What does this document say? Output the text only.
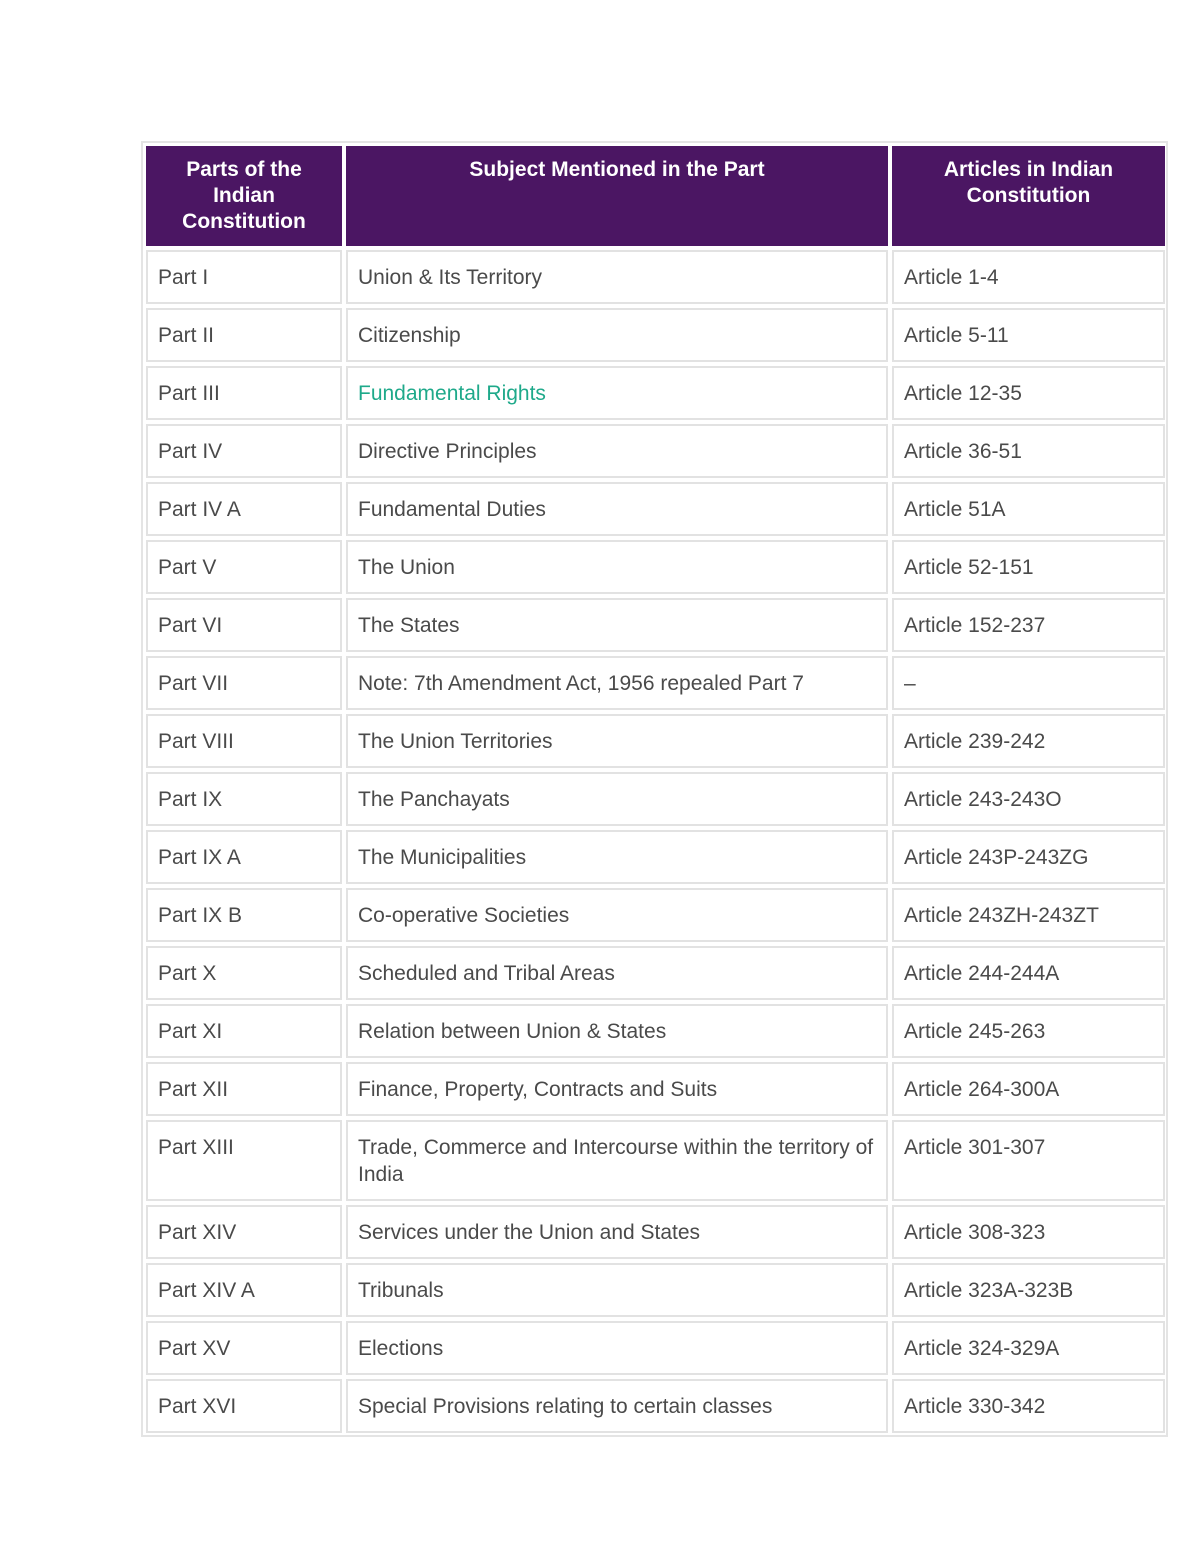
Parts of the Indian Constitution	Subject Mentioned in the Part	Articles in Indian Constitution
Part I	Union & Its Territory	Article 1-4
Part II	Citizenship	Article 5-11
Part III	Fundamental Rights	Article 12-35
Part IV	Directive Principles	Article 36-51
Part IV A	Fundamental Duties	Article 51A
Part V	The Union	Article 52-151
Part VI	The States	Article 152-237
Part VII	Note: 7th Amendment Act, 1956 repealed Part 7	–
Part VIII	The Union Territories	Article 239-242
Part IX	The Panchayats	Article 243-243O
Part IX A	The Municipalities	Article 243P-243ZG
Part IX B	Co-operative Societies	Article 243ZH-243ZT
Part X	Scheduled and Tribal Areas	Article 244-244A
Part XI	Relation between Union & States	Article 245-263
Part XII	Finance, Property, Contracts and Suits	Article 264-300A
Part XIII	Trade, Commerce and Intercourse within the territory of India	Article 301-307
Part XIV	Services under the Union and States	Article 308-323
Part XIV A	Tribunals	Article 323A-323B
Part XV	Elections	Article 324-329A
Part XVI	Special Provisions relating to certain classes	Article 330-342
